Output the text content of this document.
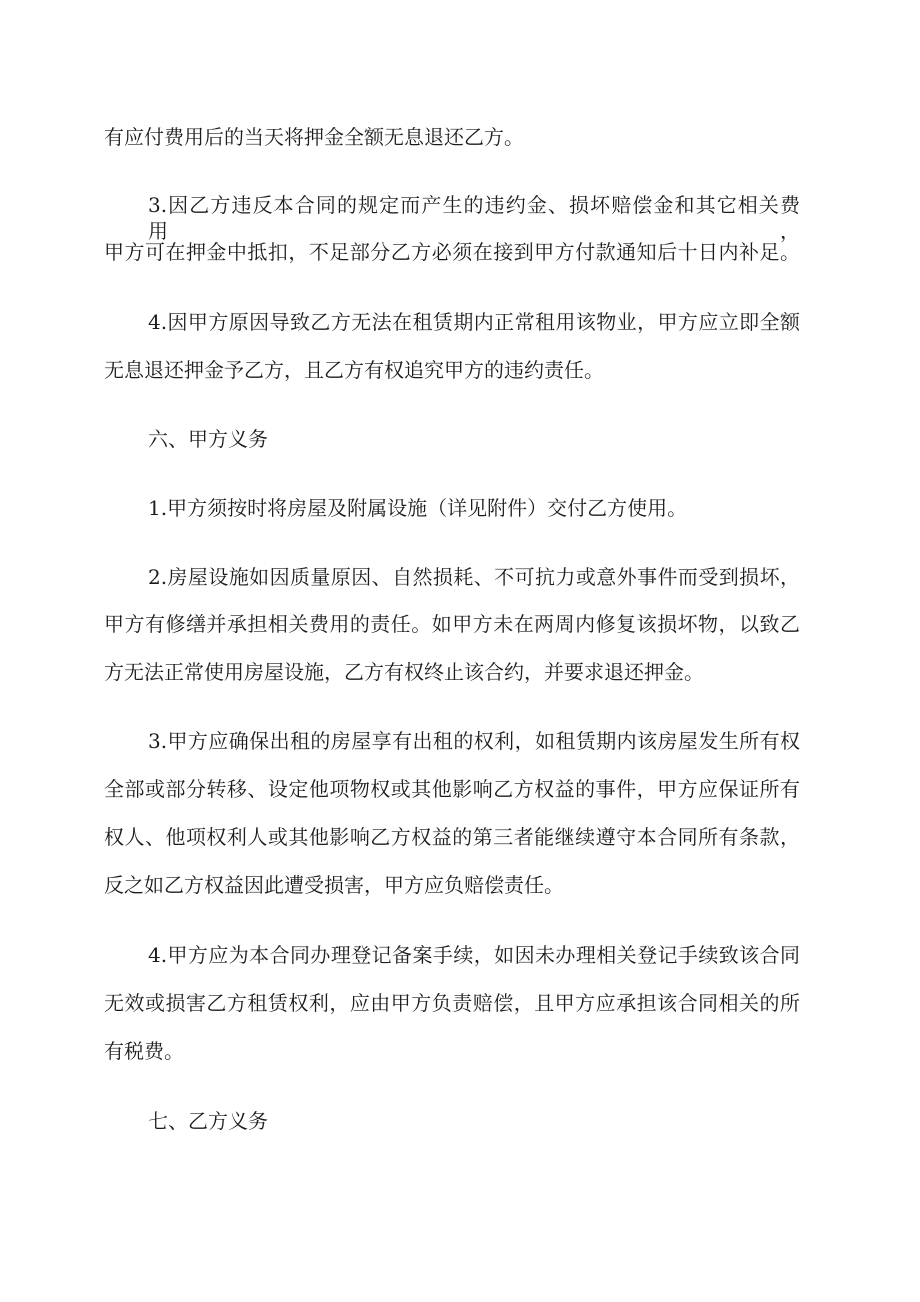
有应付费用后的当天将押金全额无息退还乙方。
3.因乙方违反本合同的规定而产生的违约金、损坏赔偿金和其它相关费用，
甲方可在押金中抵扣，不足部分乙方必须在接到甲方付款通知后十日内补足。
4.因甲方原因导致乙方无法在租赁期内正常租用该物业，甲方应立即全额
无息退还押金予乙方，且乙方有权追究甲方的违约责任。
六、甲方义务
1.甲方须按时将房屋及附属设施（详见附件）交付乙方使用。
2.房屋设施如因质量原因、自然损耗、不可抗力或意外事件而受到损坏，
甲方有修缮并承担相关费用的责任。如甲方未在两周内修复该损坏物，以致乙
方无法正常使用房屋设施，乙方有权终止该合约，并要求退还押金。
3.甲方应确保出租的房屋享有出租的权利，如租赁期内该房屋发生所有权
全部或部分转移、设定他项物权或其他影响乙方权益的事件，甲方应保证所有
权人、他项权利人或其他影响乙方权益的第三者能继续遵守本合同所有条款，
反之如乙方权益因此遭受损害，甲方应负赔偿责任。
4.甲方应为本合同办理登记备案手续，如因未办理相关登记手续致该合同
无效或损害乙方租赁权利，应由甲方负责赔偿，且甲方应承担该合同相关的所
有税费。
七、乙方义务
